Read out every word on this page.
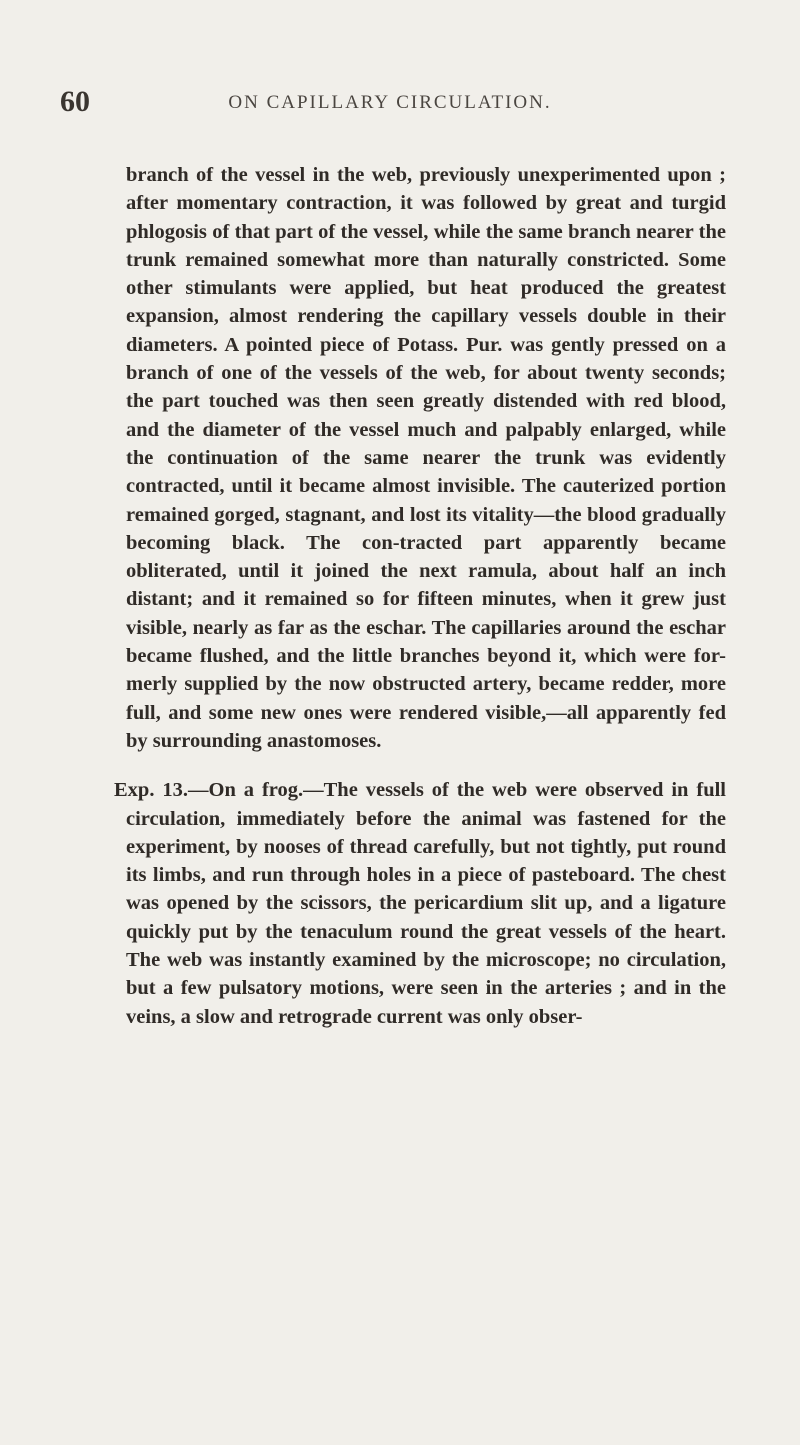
60	ON CAPILLARY CIRCULATION.

branch of the vessel in the web, previously unexperimented upon ; after momentary contraction, it was followed by great and turgid phlogosis of that part of the vessel, while the same branch nearer the trunk remained somewhat more than naturally constricted. Some other stimulants were applied, but heat produced the greatest expansion, almost rendering the capillary vessels double in their diameters. A pointed piece of Potass. Pur. was gently pressed on a branch of one of the vessels of the web, for about twenty seconds; the part touched was then seen greatly distended with red blood, and the diameter of the vessel much and palpably enlarged, while the continuation of the same nearer the trunk was evidently contracted, until it became almost invisible. The cauterized portion remained gorged, stagnant, and lost its vitality—the blood gradually becoming black. The con-tracted part apparently became obliterated, until it joined the next ramula, about half an inch distant; and it remained so for fifteen minutes, when it grew just visible, nearly as far as the eschar. The capillaries around the eschar became flushed, and the little branches beyond it, which were for-merly supplied by the now obstructed artery, became redder, more full, and some new ones were rendered visible,—all apparently fed by surrounding anastomoses.

Exp. 13.—On a frog.—The vessels of the web were observed in full circulation, immediately before the animal was fastened for the experiment, by nooses of thread carefully, but not tightly, put round its limbs, and run through holes in a piece of pasteboard. The chest was opened by the scissors, the pericardium slit up, and a ligature quickly put by the tenaculum round the great vessels of the heart. The web was instantly examined by the microscope; no circulation, but a few pulsatory motions, were seen in the arteries ; and in the veins, a slow and retrograde current was only obser-
